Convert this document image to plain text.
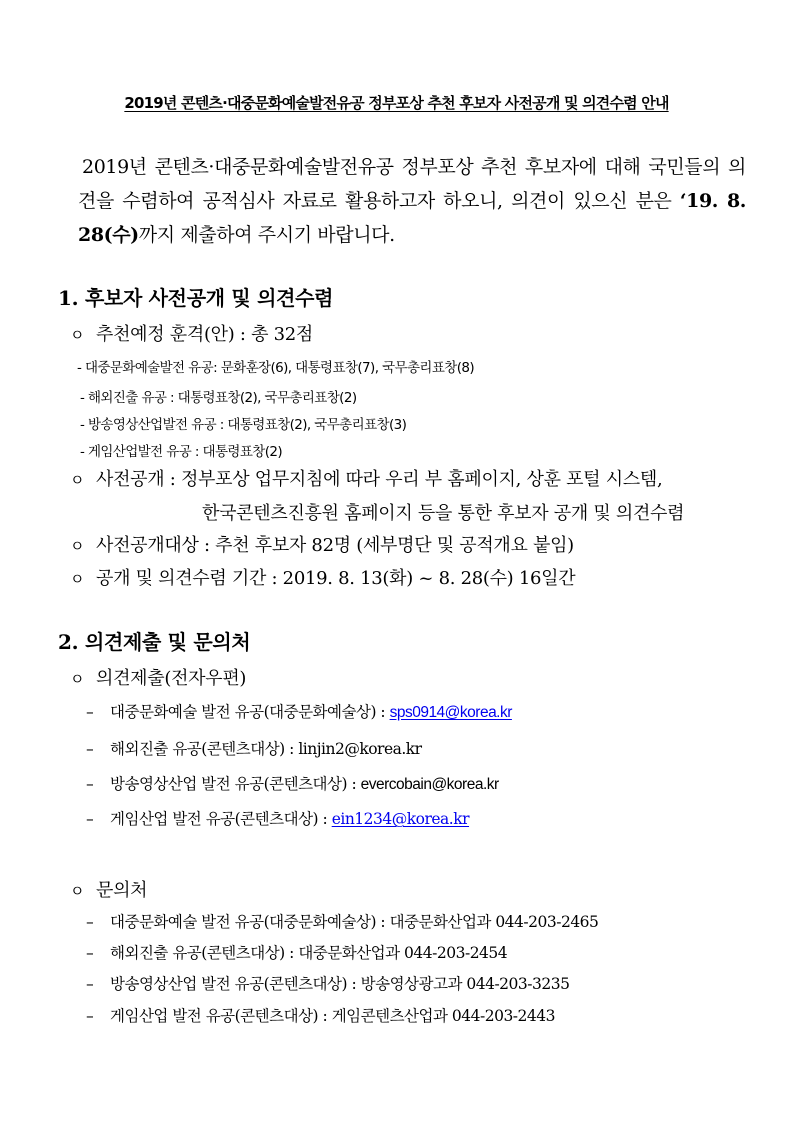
2019년 콘텐츠·대중문화예술발전유공 정부포상 추천 후보자 사전공개 및 의견수렴 안내
2019년 콘텐츠·대중문화예술발전유공 정부포상 추천 후보자에 대해 국민들의 의견을 수렴하여 공적심사 자료로 활용하고자 하오니, 의견이 있으신 분은 ‘19. 8. 28(수)까지 제출하여 주시기 바랍니다.
1. 후보자 사전공개 및 의견수렴
ㅇ 추천예정 훈격(안) : 총 32점
- 대중문화예술발전 유공: 문화훈장(6), 대통령표창(7), 국무총리표창(8)
- 해외진출 유공 : 대통령표창(2), 국무총리표창(2)
- 방송영상산업발전 유공 : 대통령표창(2), 국무총리표창(3)
- 게임산업발전 유공 : 대통령표창(2)
ㅇ 사전공개 : 정부포상 업무지침에 따라 우리 부 홈페이지, 상훈 포털 시스템,
한국콘텐츠진흥원 홈페이지 등을 통한 후보자 공개 및 의견수렴
ㅇ 사전공개대상 : 추천 후보자 82명 (세부명단 및 공적개요 붙임)
ㅇ 공개 및 의견수렴 기간 : 2019. 8. 13(화) ~ 8. 28(수) 16일간
2. 의견제출 및 문의처
ㅇ 의견제출(전자우편)
– 대중문화예술 발전 유공(대중문화예술상) : sps0914@korea.kr
– 해외진출 유공(콘텐츠대상) : linjin2@korea.kr
– 방송영상산업 발전 유공(콘텐츠대상) : evercobain@korea.kr
– 게임산업 발전 유공(콘텐츠대상) : ein1234@korea.kr
ㅇ 문의처
– 대중문화예술 발전 유공(대중문화예술상) : 대중문화산업과 044-203-2465
– 해외진출 유공(콘텐츠대상) : 대중문화산업과 044-203-2454
– 방송영상산업 발전 유공(콘텐츠대상) : 방송영상광고과 044-203-3235
– 게임산업 발전 유공(콘텐츠대상) : 게임콘텐츠산업과 044-203-2443
